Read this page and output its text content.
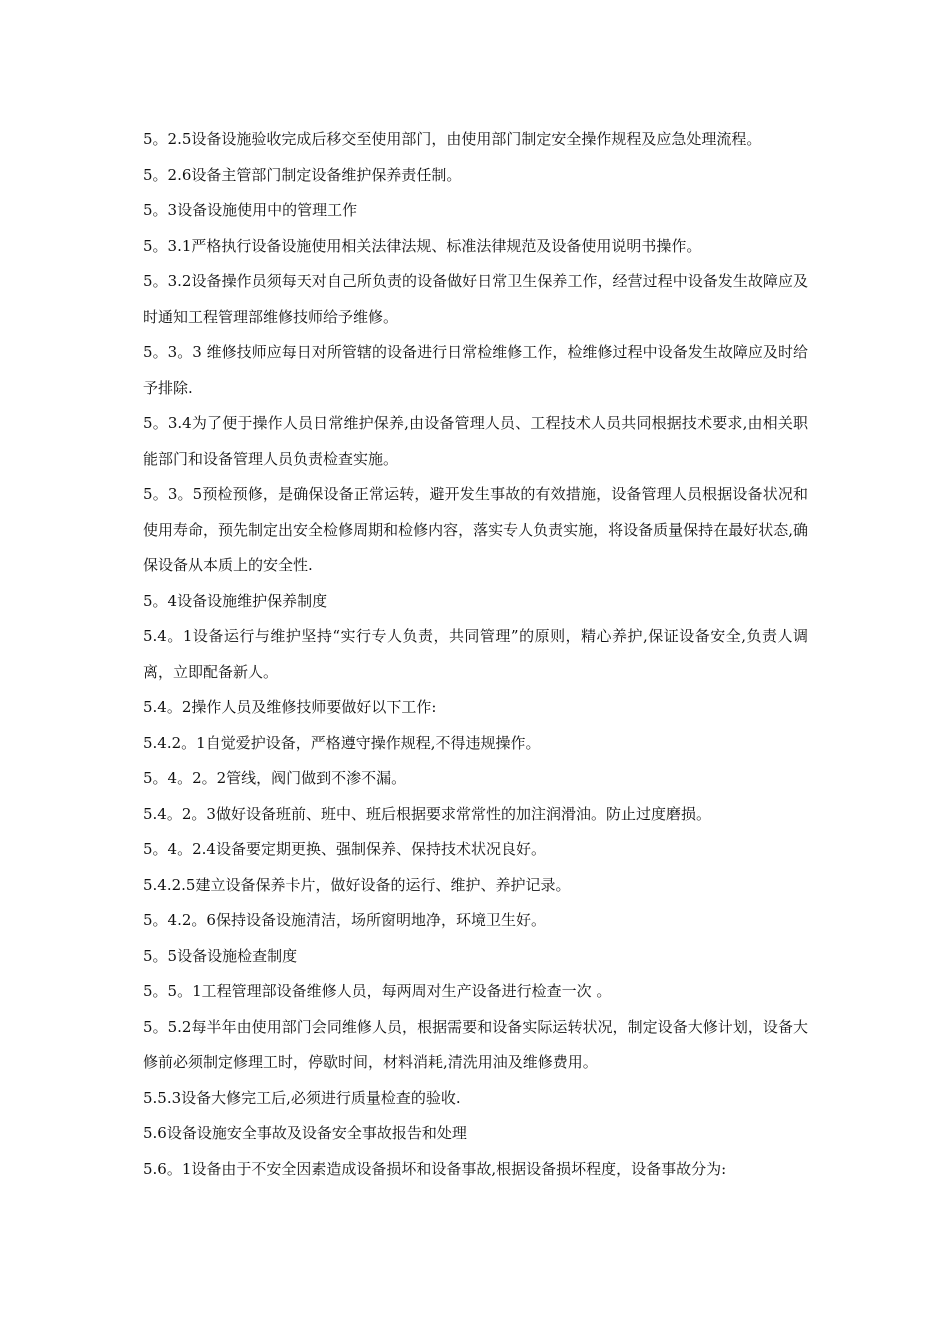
5。2.5设备设施验收完成后移交至使用部门，由使用部门制定安全操作规程及应急处理流程。

5。2.6设备主管部门制定设备维护保养责任制。

5。3设备设施使用中的管理工作

5。3.1严格执行设备设施使用相关法律法规、标准法律规范及设备使用说明书操作。

5。3.2设备操作员须每天对自己所负责的设备做好日常卫生保养工作，经营过程中设备发生故障应及时通知工程管理部维修技师给予维修。

5。3。3 维修技师应每日对所管辖的设备进行日常检维修工作，检维修过程中设备发生故障应及时给予排除.

5。3.4为了便于操作人员日常维护保养,由设备管理人员、工程技术人员共同根据技术要求,由相关职能部门和设备管理人员负责检查实施。

5。3。5预检预修，是确保设备正常运转，避开发生事故的有效措施，设备管理人员根据设备状况和使用寿命，预先制定出安全检修周期和检修内容，落实专人负责实施，将设备质量保持在最好状态,确保设备从本质上的安全性.

5。4设备设施维护保养制度

5.4。1设备运行与维护坚持“实行专人负责，共同管理”的原则，精心养护,保证设备安全,负责人调离，立即配备新人。

5.4。2操作人员及维修技师要做好以下工作:

5.4.2。1自觉爱护设备，严格遵守操作规程,不得违规操作。

5。4。2。2管线，阀门做到不渗不漏。

5.4。2。3做好设备班前、班中、班后根据要求常常性的加注润滑油。防止过度磨损。

5。4。2.4设备要定期更换、强制保养、保持技术状况良好。

5.4.2.5建立设备保养卡片，做好设备的运行、维护、养护记录。

5。4.2。6保持设备设施清洁，场所窗明地净，环境卫生好。

5。5设备设施检查制度

5。5。1工程管理部设备维修人员，每两周对生产设备进行检查一次 。

5。5.2每半年由使用部门会同维修人员，根据需要和设备实际运转状况，制定设备大修计划，设备大修前必须制定修理工时，停歇时间，材料消耗,清洗用油及维修费用。

5.5.3设备大修完工后,必须进行质量检查的验收.

5.6设备设施安全事故及设备安全事故报告和处理

5.6。1设备由于不安全因素造成设备损坏和设备事故,根据设备损坏程度，设备事故分为:
